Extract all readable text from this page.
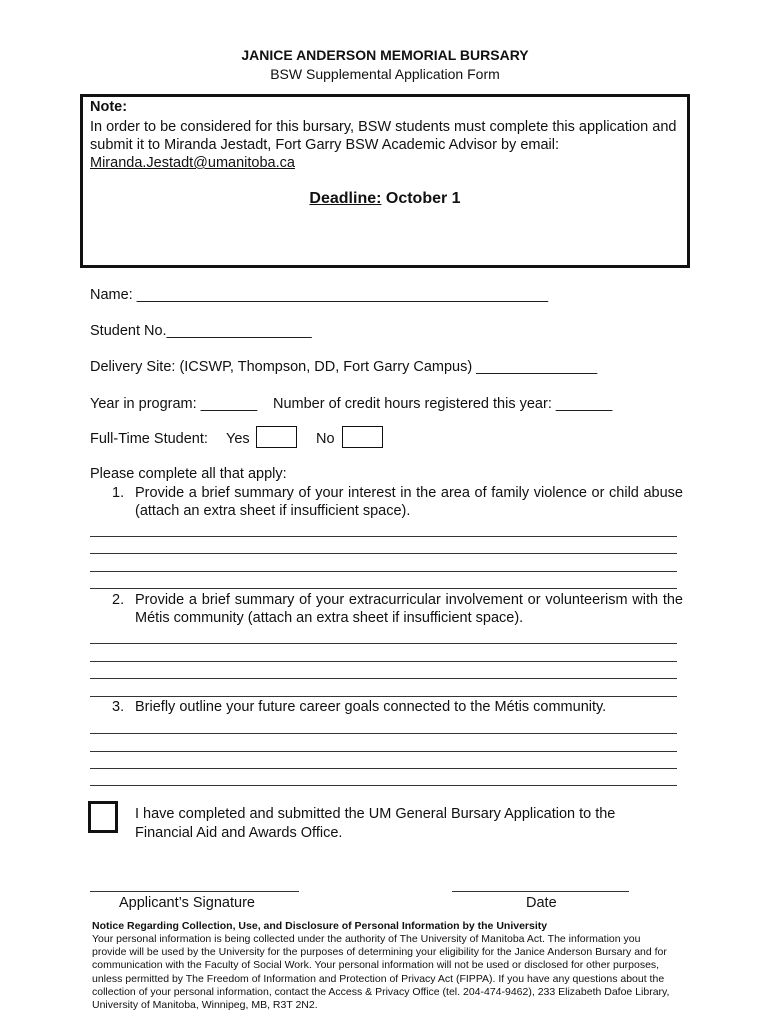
JANICE ANDERSON MEMORIAL BURSARY
BSW Supplemental Application Form
Note:
In order to be considered for this bursary, BSW students must complete this application and submit it to Miranda Jestadt, Fort Garry BSW Academic Advisor by email:
Miranda.Jestadt@umanitoba.ca
Deadline: October 1
Name: ___________________________________________________
Student No.__________________
Delivery Site: (ICSWP, Thompson, DD, Fort Garry Campus) _______________
Year in program: _______ Number of credit hours registered this year: _______
Full-Time Student: Yes	No
Please complete all that apply:
1. Provide a brief summary of your interest in the area of family violence or child abuse (attach an extra sheet if insufficient space).
2. Provide a brief summary of your extracurricular involvement or volunteerism with the Métis community (attach an extra sheet if insufficient space).
3. Briefly outline your future career goals connected to the Métis community.
I have completed and submitted the UM General Bursary Application to the Financial Aid and Awards Office.
Applicant’s Signature	Date
Notice Regarding Collection, Use, and Disclosure of Personal Information by the University
Your personal information is being collected under the authority of The University of Manitoba Act. The information you provide will be used by the University for the purposes of determining your eligibility for the Janice Anderson Bursary and for communication with the Faculty of Social Work. Your personal information will not be used or disclosed for other purposes, unless permitted by The Freedom of Information and Protection of Privacy Act (FIPPA). If you have any questions about the collection of your personal information, contact the Access & Privacy Office (tel. 204-474-9462), 233 Elizabeth Dafoe Library, University of Manitoba, Winnipeg, MB, R3T 2N2.
